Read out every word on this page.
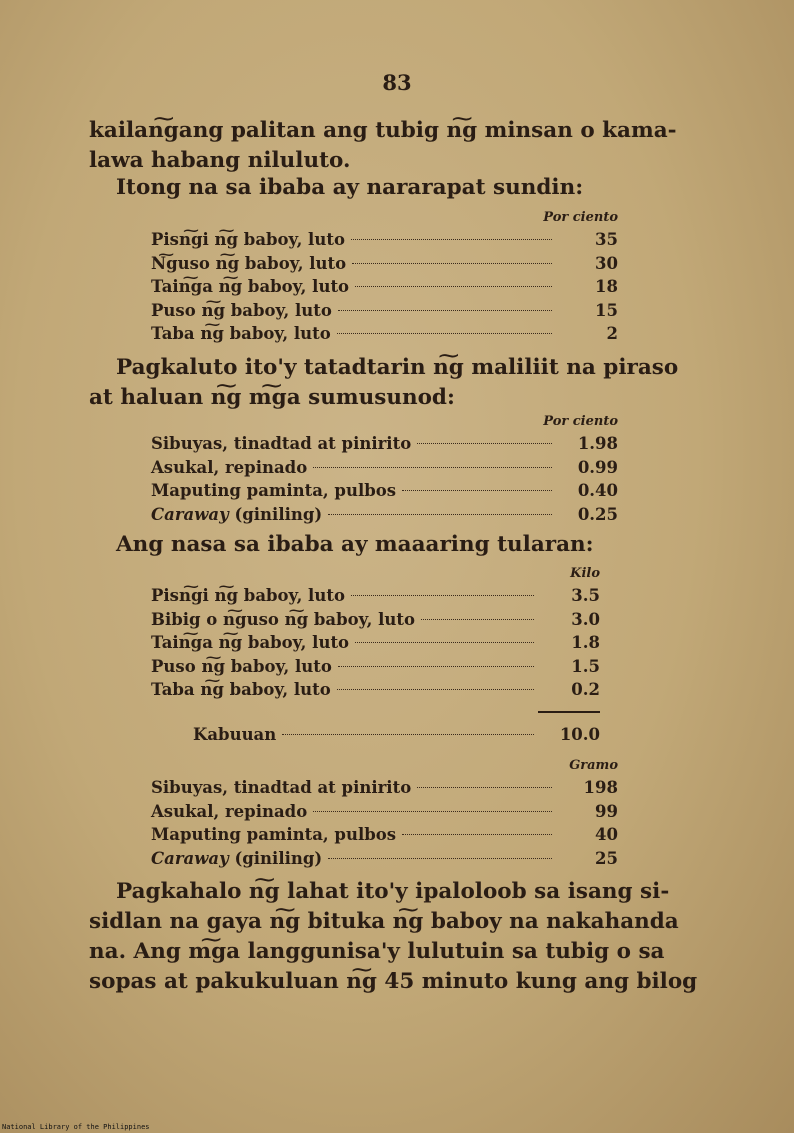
83

kailan͠gang palitan ang tubig n͠g minsan o kama-

lawa habang niluluto.

Itong na sa ibaba ay nararapat sundin:

Por ciento
Pisn͠gi n͠g baboy, luto	35
N͠guso n͠g baboy, luto	30
Tain͠ga n͠g baboy, luto	18
Puso n͠g baboy, luto	15
Taba n͠g baboy, luto	2

Pagkaluto ito'y tatadtarin n͠g maliliit na piraso

at haluan n͠g m͠ga sumusunod:

Por ciento
Sibuyas, tinadtad at pinirito	1.98
Asukal, repinado	0.99
Maputing paminta, pulbos	0.40
Caraway (giniling)	0.25

Ang nasa sa ibaba ay maaaring tularan:

Kilo
Pisn͠gi n͠g baboy, luto	3.5
Bibig o n͠guso n͠g baboy, luto	3.0
Tain͠ga n͠g baboy, luto	1.8
Puso n͠g baboy, luto	1.5
Taba n͠g baboy, luto	0.2
Kabuuan	10.0
Gramo
Sibuyas, tinadtad at pinirito	198
Asukal, repinado	99
Maputing paminta, pulbos	40
Caraway (giniling)	25

Pagkahalo n͠g lahat ito'y ipaloloob sa isang si-

sidlan na gaya n͠g bituka n͠g baboy na nakahanda

na. Ang m͠ga langgunisa'y lulutuin sa tubig o sa

sopas at pakukuluan n͠g 45 minuto kung ang bilog

National Library of the Philippines
